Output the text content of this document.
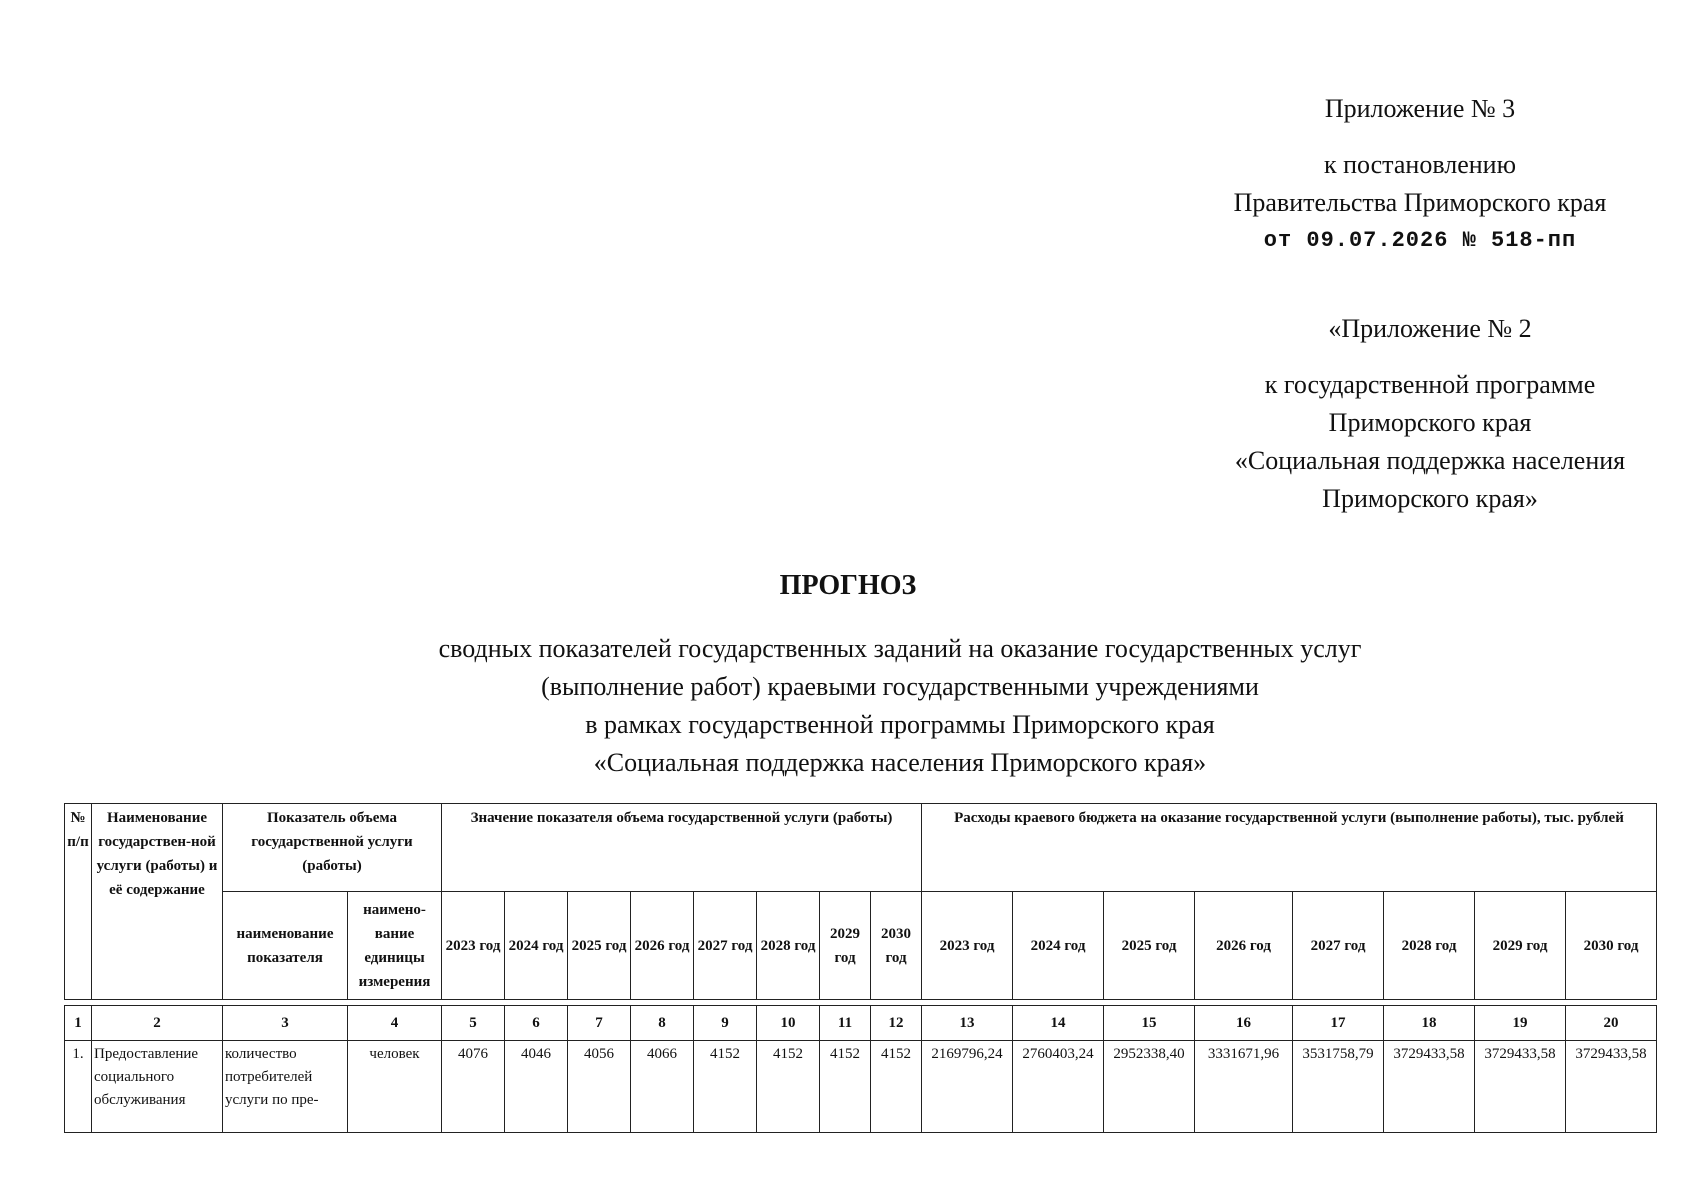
Приложение № 3
к постановлению
Правительства Приморского края
от 09.07.2026 № 518-пп
«Приложение № 2
к государственной программе
Приморского края
«Социальная поддержка населения
Приморского края»
ПРОГНОЗ
сводных показателей государственных заданий на оказание государственных услуг
(выполнение работ) краевыми государственными учреждениями
в рамках государственной программы Приморского края
«Социальная поддержка населения Приморского края»
№ п/п	Наименование государствен-ной услуги (работы) и её содержание	Показатель объема государственной услуги (работы)		Значение показателя объема государственной услуги (работы)								Расходы краевого бюджета на оказание государственной услуги (выполнение работы), тыс. рублей							
		наименование показателя	наимено-вание единицы измерения	2023 год	2024 год	2025 год	2026 год	2027 год	2028 год	2029 год	2030 год	2023 год	2024 год	2025 год	2026 год	2027 год	2028 год	2029 год	2030 год
1	2	3	4	5	6	7	8	9	10	11	12	13	14	15	16	17	18	19	20
1.	Предоставление социального обслуживания	количество потребителей услуги по пре-	человек	4076	4046	4056	4066	4152	4152	4152	4152	2169796,24	2760403,24	2952338,40	3331671,96	3531758,79	3729433,58	3729433,58	3729433,58
